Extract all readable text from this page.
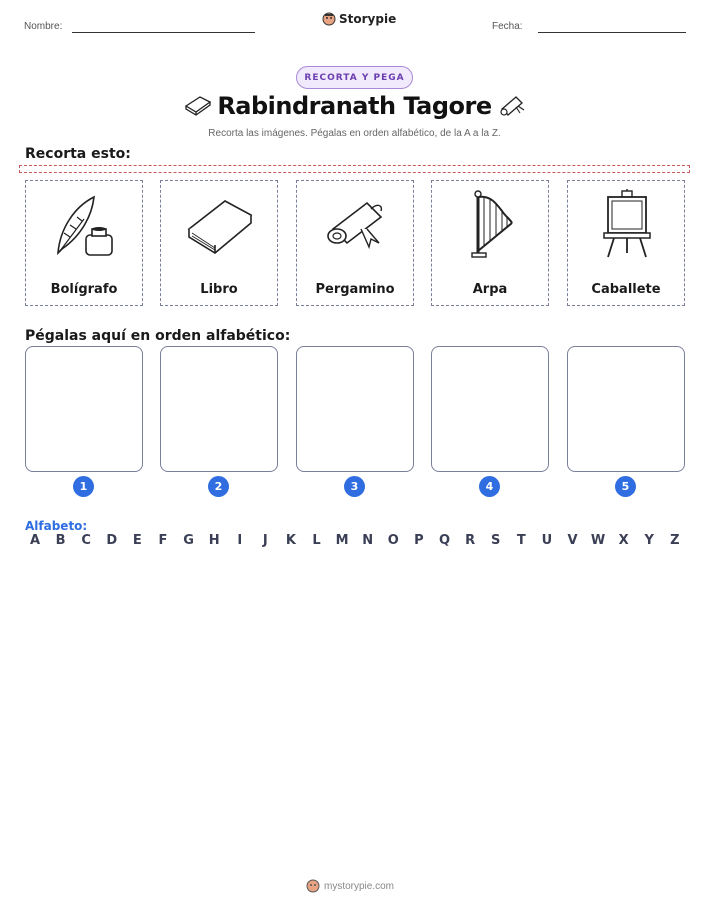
Nombre:
Storypie
Fecha:
RECORTA Y PEGA
Rabindranath Tagore
Recorta las imágenes. Pégalas en orden alfabético, de la A a la Z.
Recorta esto:
Bolígrafo	Libro	Pergamino	Arpa	Caballete
Pégalas aquí en orden alfabético:
1	2	3	4	5
Alfabeto:
A	B	C	D	E	F	G	H	I	J	K	L	M	N	O	P	Q	R	S	T	U	V	W	X	Y	Z
mystorypie.com
